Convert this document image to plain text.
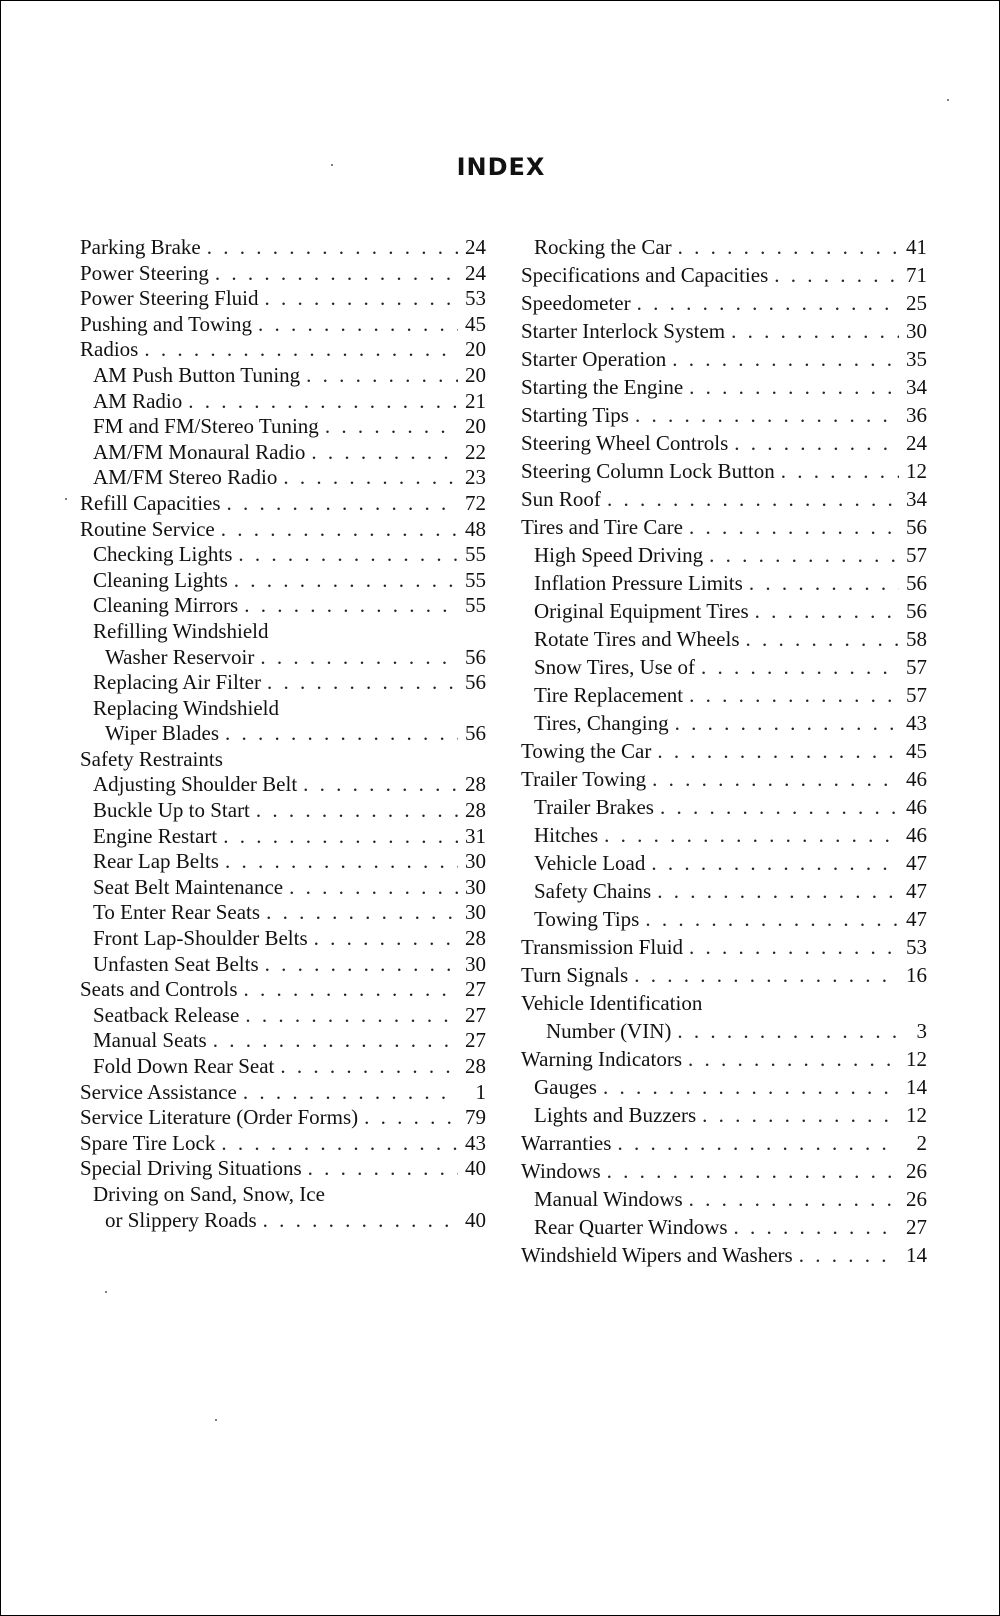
INDEX
Parking Brake . . .	24
Power Steering . . .	24
Power Steering Fluid . . .	53
Pushing and Towing . . .	45
Radios . . .	20
AM Push Button Tuning . . .	20
AM Radio . . .	21
FM and FM/Stereo Tuning . . .	20
AM/FM Monaural Radio . . .	22
AM/FM Stereo Radio . . .	23
Refill Capacities . . .	72
Routine Service . . .	48
Checking Lights . . .	55
Cleaning Lights . . .	55
Cleaning Mirrors . . .	55
Refilling Windshield
Washer Reservoir . . .	56
Replacing Air Filter . . .	56
Replacing Windshield
Wiper Blades . . .	56
Safety Restraints
Adjusting Shoulder Belt . . .	28
Buckle Up to Start . . .	28
Engine Restart . . .	31
Rear Lap Belts . . .	30
Seat Belt Maintenance . . .	30
To Enter Rear Seats . . .	30
Front Lap-Shoulder Belts . . .	28
Unfasten Seat Belts . . .	30
Seats and Controls . . .	27
Seatback Release . . .	27
Manual Seats . . .	27
Fold Down Rear Seat . . .	28
Service Assistance . . .	1
Service Literature (Order Forms) . . .	79
Spare Tire Lock . . .	43
Special Driving Situations . . .	40
Driving on Sand, Snow, Ice
or Slippery Roads . . .	40
Rocking the Car . . .	41
Specifications and Capacities . . .	71
Speedometer . . .	25
Starter Interlock System . . .	30
Starter Operation . . .	35
Starting the Engine . . .	34
Starting Tips . . .	36
Steering Wheel Controls . . .	24
Steering Column Lock Button . . .	12
Sun Roof . . .	34
Tires and Tire Care . . .	56
High Speed Driving . . .	57
Inflation Pressure Limits . . .	56
Original Equipment Tires . . .	56
Rotate Tires and Wheels . . .	58
Snow Tires, Use of . . .	57
Tire Replacement . . .	57
Tires, Changing . . .	43
Towing the Car . . .	45
Trailer Towing . . .	46
Trailer Brakes . . .	46
Hitches . . .	46
Vehicle Load . . .	47
Safety Chains . . .	47
Towing Tips . . .	47
Transmission Fluid . . .	53
Turn Signals . . .	16
Vehicle Identification
Number (VIN) . . .	3
Warning Indicators . . .	12
Gauges . . .	14
Lights and Buzzers . . .	12
Warranties . . .	2
Windows . . .	26
Manual Windows . . .	26
Rear Quarter Windows . . .	27
Windshield Wipers and Washers . . .	14
